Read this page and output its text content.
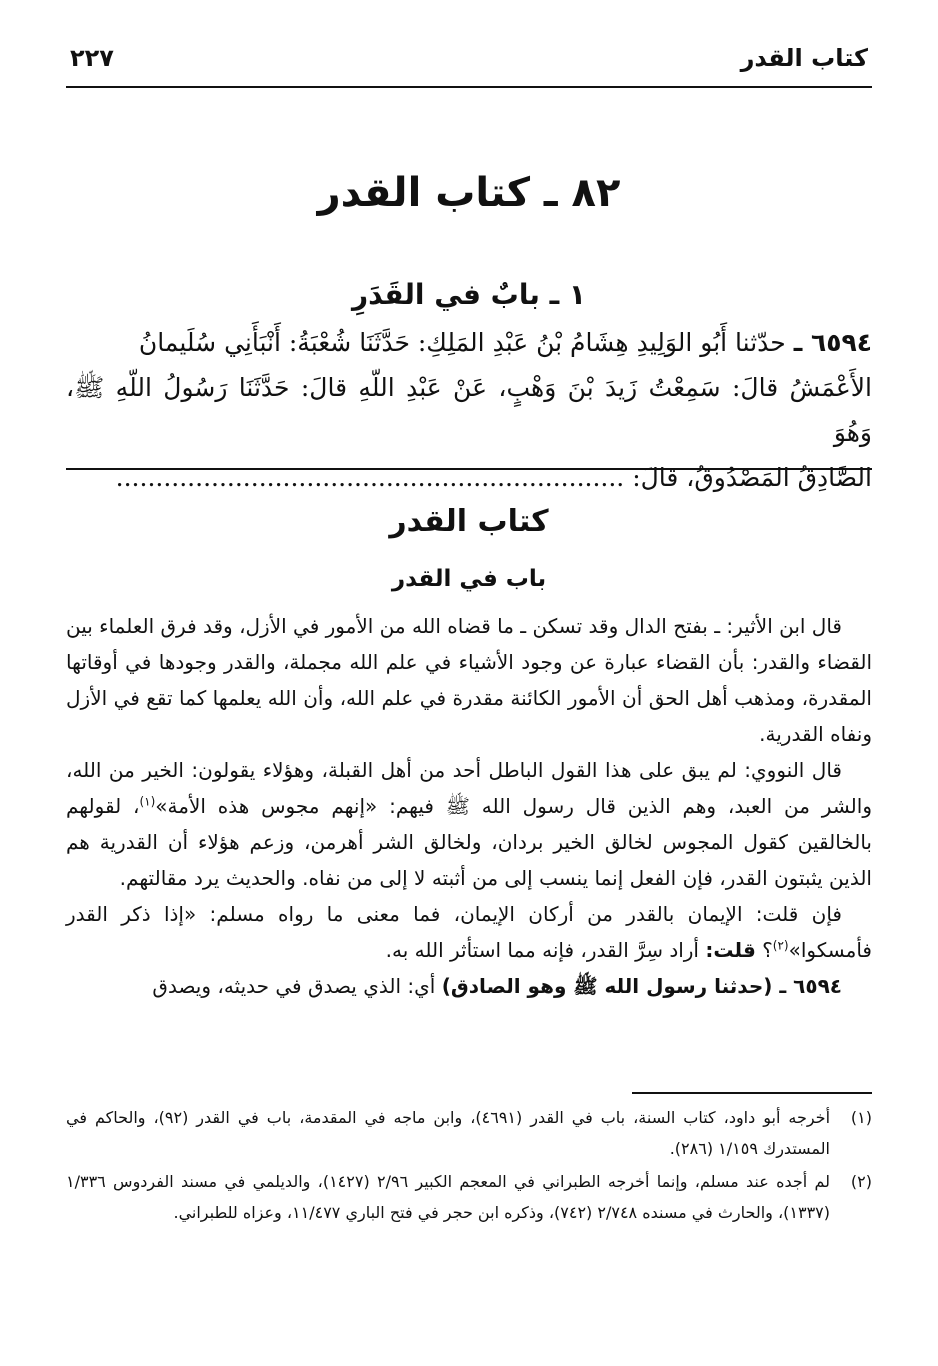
كتاب القدر
٢٢٧
٨٢ ـ كتاب القدر
١ ـ بابٌ في القَدَرِ

٦٥٩٤ ـ حدّثنا أَبُو الوَلِيدِ هِشَامُ بْنُ عَبْدِ المَلِكِ: حَدَّثَنَا شُعْبَةُ: أَنْبَأَنِي سُلَيمانُ

الأَعْمَشُ قالَ: سَمِعْتُ زَيدَ بْنَ وَهْبٍ، عَنْ عَبْدِ اللّهِ قالَ: حَدَّثَنَا رَسُولُ اللّهِ ﷺ، وَهُوَ

الصَّادِقُ المَصْدُوقُ، قالَ: ................................................................

كتاب القدر
باب في القدر

قال ابن الأثير: ـ بفتح الدال وقد تسكن ـ ما قضاه الله من الأمور في الأزل، وقد فرق العلماء بين القضاء والقدر: بأن القضاء عبارة عن وجود الأشياء في علم الله مجملة، والقدر وجودها في أوقاتها المقدرة، ومذهب أهل الحق أن الأمور الكائنة مقدرة في علم الله، وأن الله يعلمها كما تقع في الأزل ونفاه القدرية.

قال النووي: لم يبق على هذا القول الباطل أحد من أهل القبلة، وهؤلاء يقولون: الخير من الله، والشر من العبد، وهم الذين قال رسول الله ﷺ فيهم: «إنهم مجوس هذه الأمة»$^{(١)}$، لقولهم بالخالقين كقول المجوس لخالق الخير بردان، ولخالق الشر أهرمن، وزعم هؤلاء أن القدرية هم الذين يثبتون القدر، فإن الفعل إنما ينسب إلى من أثبته لا إلى من نفاه. والحديث يرد مقالتهم.

فإن قلت: الإيمان بالقدر من أركان الإيمان، فما معنى ما رواه مسلم: «إذا ذكر القدر فأمسكوا»$^{(٢)}$؟ قلت: أراد سِرَّ القدر، فإنه مما استأثر الله به.

٦٥٩٤ ـ (حدثنا رسول الله ﷺ وهو الصادق) أي: الذي يصدق في حديثه، ويصدق

(١)
أخرجه أبو داود، كتاب السنة، باب في القدر (٤٦٩١)، وابن ماجه في المقدمة، باب في القدر (٩٢)، والحاكم في المستدرك ١/١٥٩ (٢٨٦).
(٢)
لم أجده عند مسلم، وإنما أخرجه الطبراني في المعجم الكبير ٢/٩٦ (١٤٢٧)، والديلمي في مسند الفردوس ١/٣٣٦ (١٣٣٧)، والحارث في مسنده ٢/٧٤٨ (٧٤٢)، وذكره ابن حجر في فتح الباري ١١/٤٧٧، وعزاه للطبراني.
